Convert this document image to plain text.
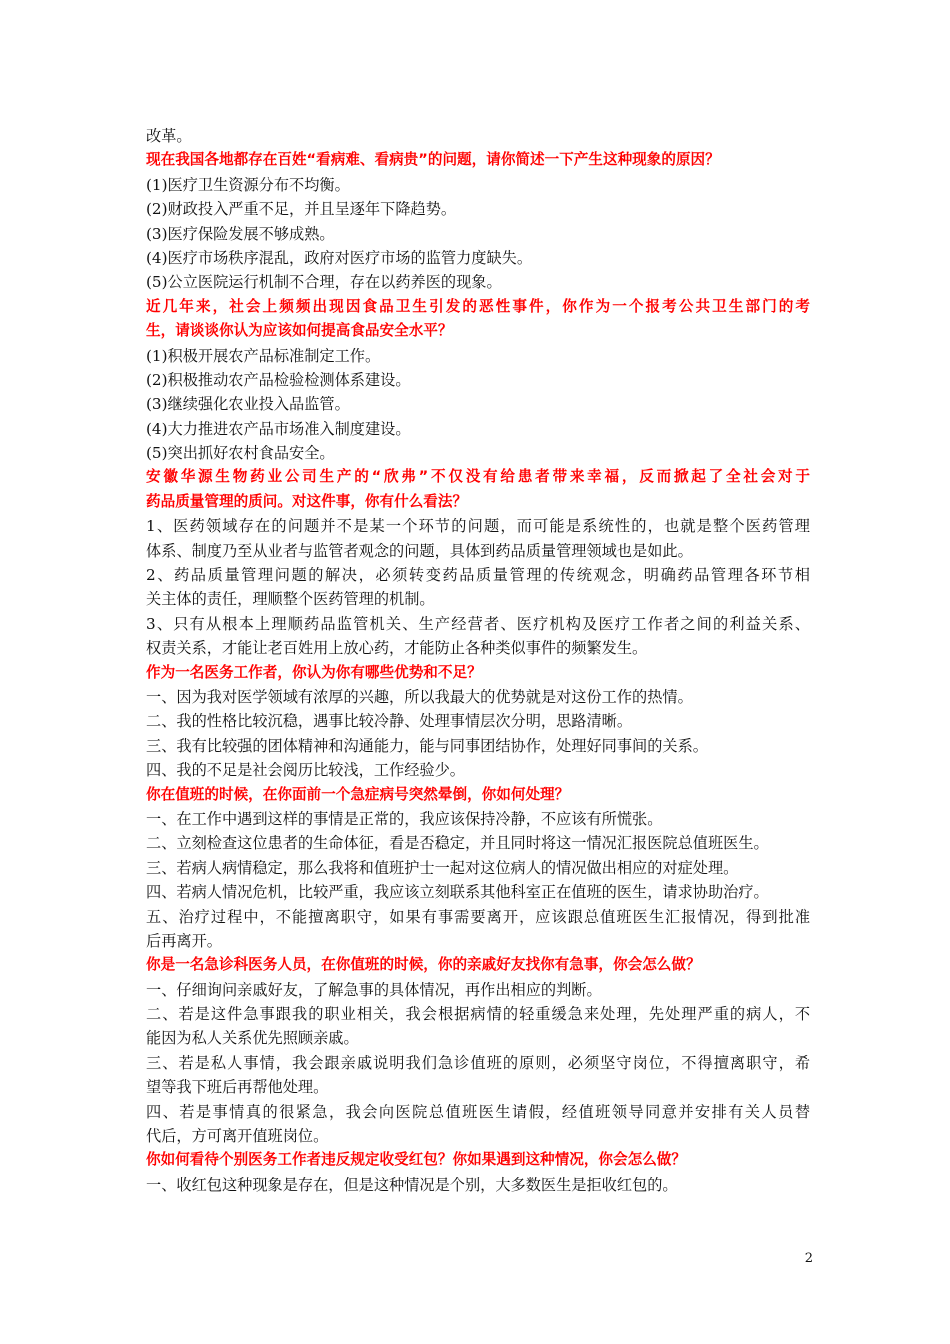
改革。
现在我国各地都存在百姓“看病难、看病贵”的问题，请你简述一下产生这种现象的原因？
(1)医疗卫生资源分布不均衡。
(2)财政投入严重不足，并且呈逐年下降趋势。
(3)医疗保险发展不够成熟。
(4)医疗市场秩序混乱，政府对医疗市场的监管力度缺失。
(5)公立医院运行机制不合理，存在以药养医的现象。
近几年来，社会上频频出现因食品卫生引发的恶性事件，你作为一个报考公共卫生部门的考
生，请谈谈你认为应该如何提高食品安全水平？
(1)积极开展农产品标准制定工作。
(2)积极推动农产品检验检测体系建设。
(3)继续强化农业投入品监管。
(4)大力推进农产品市场准入制度建设。
(5)突出抓好农村食品安全。
安徽华源生物药业公司生产的“欣弗”不仅没有给患者带来幸福，反而掀起了全社会对于
药品质量管理的质问。对这件事，你有什么看法？
1、医药领域存在的问题并不是某一个环节的问题，而可能是系统性的，也就是整个医药管理
体系、制度乃至从业者与监管者观念的问题，具体到药品质量管理领域也是如此。
2、药品质量管理问题的解决，必须转变药品质量管理的传统观念，明确药品管理各环节相
关主体的责任，理顺整个医药管理的机制。
3、只有从根本上理顺药品监管机关、生产经营者、医疗机构及医疗工作者之间的利益关系、
权责关系，才能让老百姓用上放心药，才能防止各种类似事件的频繁发生。
作为一名医务工作者，你认为你有哪些优势和不足？
一、因为我对医学领域有浓厚的兴趣，所以我最大的优势就是对这份工作的热情。
二、我的性格比较沉稳，遇事比较冷静、处理事情层次分明，思路清晰。
三、我有比较强的团体精神和沟通能力，能与同事团结协作，处理好同事间的关系。
四、我的不足是社会阅历比较浅，工作经验少。
你在值班的时候，在你面前一个急症病号突然晕倒，你如何处理？
一、在工作中遇到这样的事情是正常的，我应该保持冷静，不应该有所慌张。
二、立刻检查这位患者的生命体征，看是否稳定，并且同时将这一情况汇报医院总值班医生。
三、若病人病情稳定，那么我将和值班护士一起对这位病人的情况做出相应的对症处理。
四、若病人情况危机，比较严重，我应该立刻联系其他科室正在值班的医生，请求协助治疗。
五、治疗过程中，不能擅离职守，如果有事需要离开，应该跟总值班医生汇报情况，得到批准
后再离开。
你是一名急诊科医务人员，在你值班的时候，你的亲戚好友找你有急事，你会怎么做？
一、仔细询问亲戚好友，了解急事的具体情况，再作出相应的判断。
二、若是这件急事跟我的职业相关，我会根据病情的轻重缓急来处理，先处理严重的病人，不
能因为私人关系优先照顾亲戚。
三、若是私人事情，我会跟亲戚说明我们急诊值班的原则，必须坚守岗位，不得擅离职守，希
望等我下班后再帮他处理。
四、若是事情真的很紧急，我会向医院总值班医生请假，经值班领导同意并安排有关人员替
代后，方可离开值班岗位。
你如何看待个别医务工作者违反规定收受红包？你如果遇到这种情况，你会怎么做？
一、收红包这种现象是存在，但是这种情况是个别，大多数医生是拒收红包的。
2
